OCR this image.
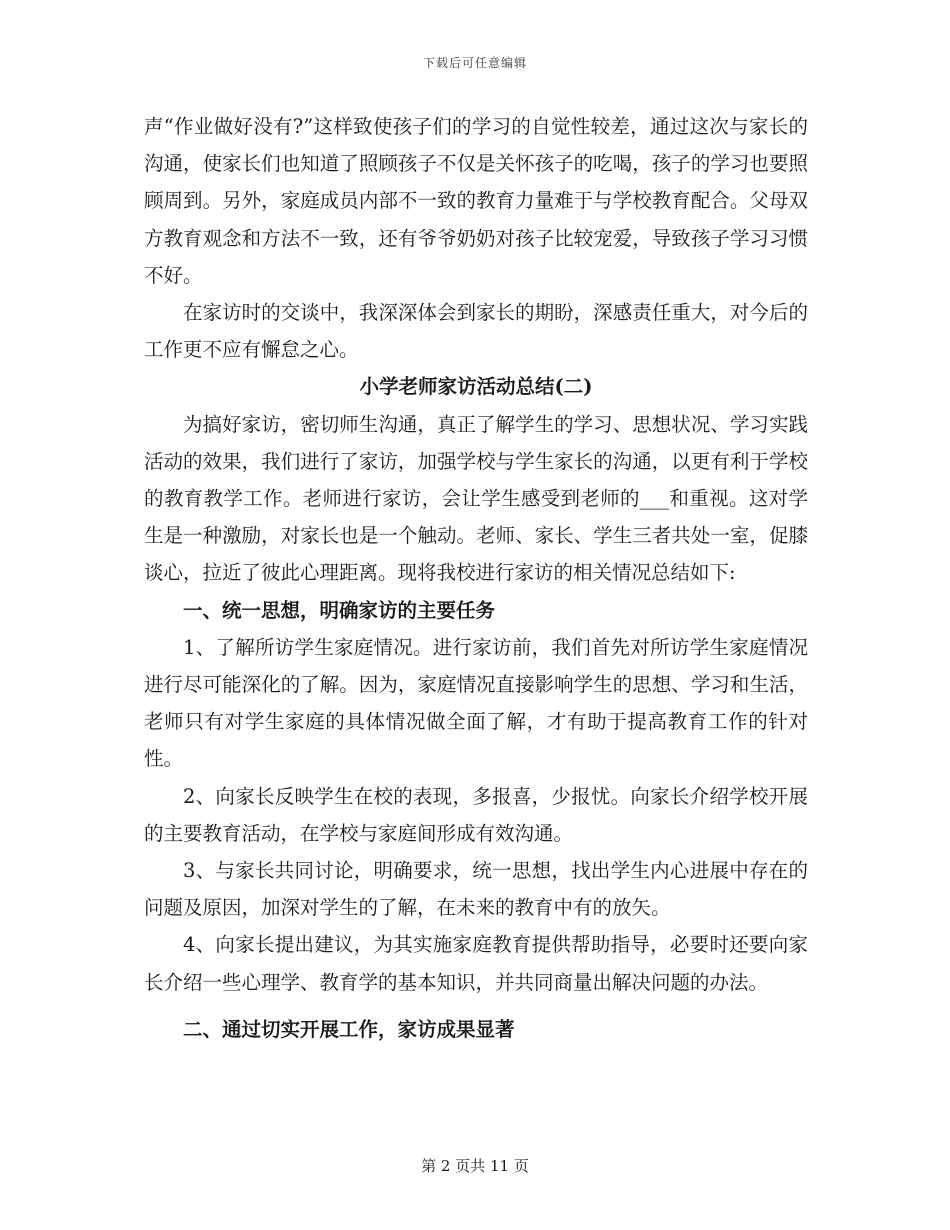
下载后可任意编辑

声“作业做好没有?”这样致使孩子们的学习的自觉性较差，通过这次与家长的沟通，使家长们也知道了照顾孩子不仅是关怀孩子的吃喝，孩子的学习也要照顾周到。另外，家庭成员内部不一致的教育力量难于与学校教育配合。父母双方教育观念和方法不一致，还有爷爷奶奶对孩子比较宠爱，导致孩子学习习惯不好。

在家访时的交谈中，我深深体会到家长的期盼，深感责任重大，对今后的工作更不应有懈怠之心。

小学老师家访活动总结(二)

为搞好家访，密切师生沟通，真正了解学生的学习、思想状况、学习实践活动的效果，我们进行了家访，加强学校与学生家长的沟通，以更有利于学校的教育教学工作。老师进行家访，会让学生感受到老师的___和重视。这对学生是一种激励，对家长也是一个触动。老师、家长、学生三者共处一室，促膝谈心，拉近了彼此心理距离。现将我校进行家访的相关情况总结如下:

一、统一思想，明确家访的主要任务

1、了解所访学生家庭情况。进行家访前，我们首先对所访学生家庭情况进行尽可能深化的了解。因为，家庭情况直接影响学生的思想、学习和生活，老师只有对学生家庭的具体情况做全面了解，才有助于提高教育工作的针对性。

2、向家长反映学生在校的表现，多报喜，少报忧。向家长介绍学校开展的主要教育活动，在学校与家庭间形成有效沟通。

3、与家长共同讨论，明确要求，统一思想，找出学生内心进展中存在的问题及原因，加深对学生的了解，在未来的教育中有的放矢。

4、向家长提出建议，为其实施家庭教育提供帮助指导，必要时还要向家长介绍一些心理学、教育学的基本知识，并共同商量出解决问题的办法。

二、通过切实开展工作，家访成果显著

第 2 页共 11 页
